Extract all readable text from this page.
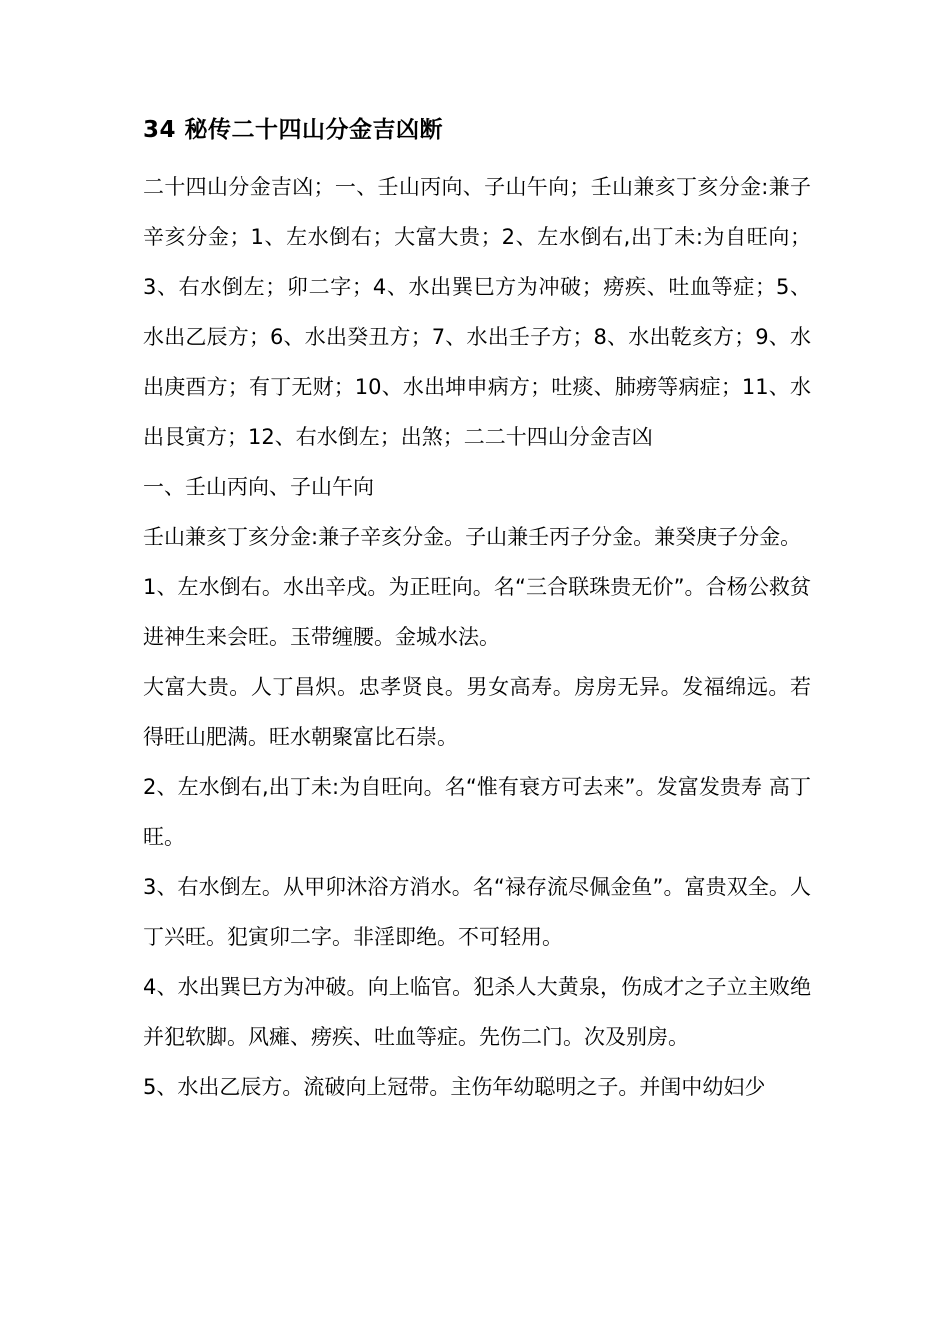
34 秘传二十四山分金吉凶断

二十四山分金吉凶；一、壬山丙向、子山午向；壬山兼亥丁亥分金:兼子辛亥分金；1、左水倒右；大富大贵；2、左水倒右,出丁未:为自旺向；3、右水倒左；卯二字；4、水出巽巳方为冲破；痨疾、吐血等症；5、水出乙辰方；6、水出癸丑方；7、水出壬子方；8、水出乾亥方；9、水出庚酉方；有丁无财；10、水出坤申病方；吐痰、肺痨等病症；11、水出艮寅方；12、右水倒左；出煞；二二十四山分金吉凶

一、壬山丙向、子山午向

壬山兼亥丁亥分金:兼子辛亥分金。子山兼壬丙子分金。兼癸庚子分金。

1、左水倒右。水出辛戌。为正旺向。名“三合联珠贵无价”。合杨公救贫进神生来会旺。玉带缠腰。金城水法。

大富大贵。人丁昌炽。忠孝贤良。男女高寿。房房无异。发福绵远。若得旺山肥满。旺水朝聚富比石崇。

2、左水倒右,出丁未:为自旺向。名“惟有衰方可去来”。发富发贵寿 高丁旺。

3、右水倒左。从甲卯沐浴方消水。名“禄存流尽佩金鱼”。富贵双全。人丁兴旺。犯寅卯二字。非淫即绝。不可轻用。

4、水出巽巳方为冲破。向上临官。犯杀人大黄泉，伤成才之子立主败绝并犯软脚。风瘫、痨疾、吐血等症。先伤二门。次及别房。

5、水出乙辰方。流破向上冠带。主伤年幼聪明之子。并闺中幼妇少
